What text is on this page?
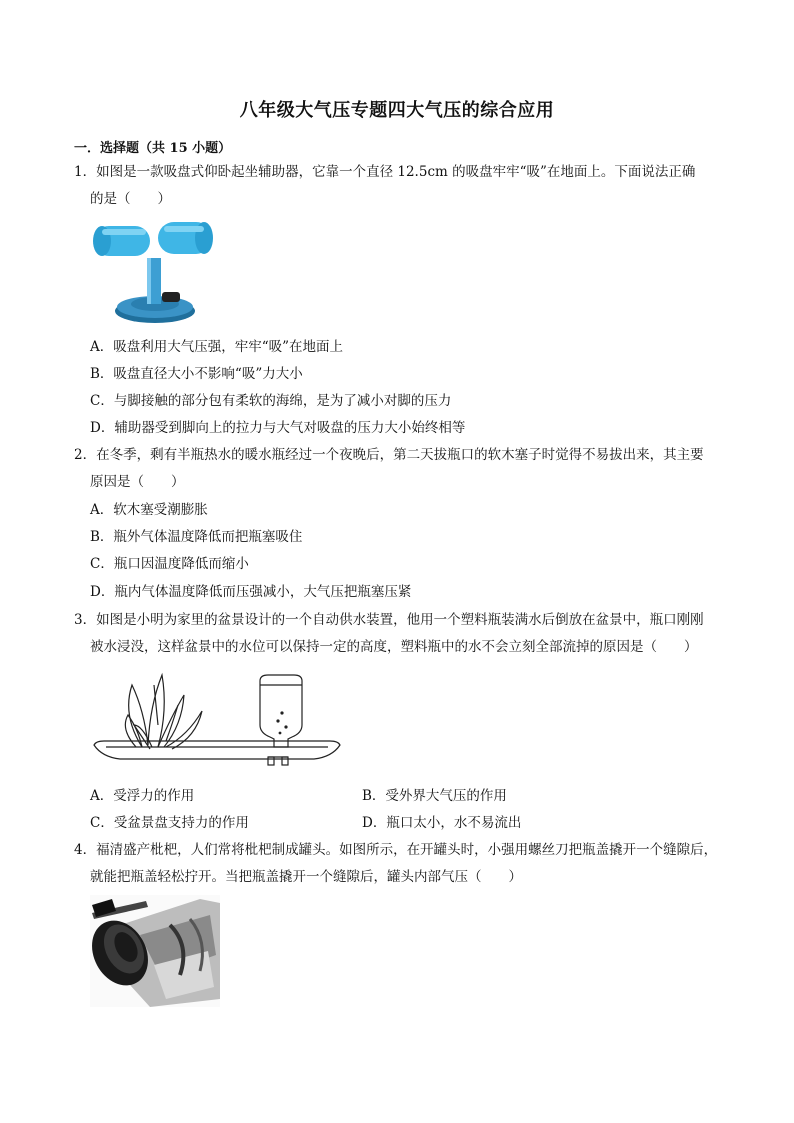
八年级大气压专题四大气压的综合应用
一．选择题（共 15 小题）
1．如图是一款吸盘式仰卧起坐辅助器，它靠一个直径 12.5cm 的吸盘牢牢“吸”在地面上。下面说法正确
的是（　　）
A．吸盘利用大气压强，牢牢“吸”在地面上
B．吸盘直径大小不影响“吸”力大小
C．与脚接触的部分包有柔软的海绵，是为了减小对脚的压力
D．辅助器受到脚向上的拉力与大气对吸盘的压力大小始终相等
2．在冬季，剩有半瓶热水的暖水瓶经过一个夜晚后，第二天拔瓶口的软木塞子时觉得不易拔出来，其主要
原因是（　　）
A．软木塞受潮膨胀
B．瓶外气体温度降低而把瓶塞吸住
C．瓶口因温度降低而缩小
D．瓶内气体温度降低而压强减小，大气压把瓶塞压紧
3．如图是小明为家里的盆景设计的一个自动供水装置，他用一个塑料瓶装满水后倒放在盆景中，瓶口刚刚
被水浸没，这样盆景中的水位可以保持一定的高度，塑料瓶中的水不会立刻全部流掉的原因是（　　）
A．受浮力的作用	B．受外界大气压的作用
C．受盆景盘支持力的作用	D．瓶口太小，水不易流出
4．福清盛产枇杷，人们常将枇杷制成罐头。如图所示，在开罐头时，小强用螺丝刀把瓶盖撬开一个缝隙后，
就能把瓶盖轻松拧开。当把瓶盖撬开一个缝隙后，罐头内部气压（　　）
